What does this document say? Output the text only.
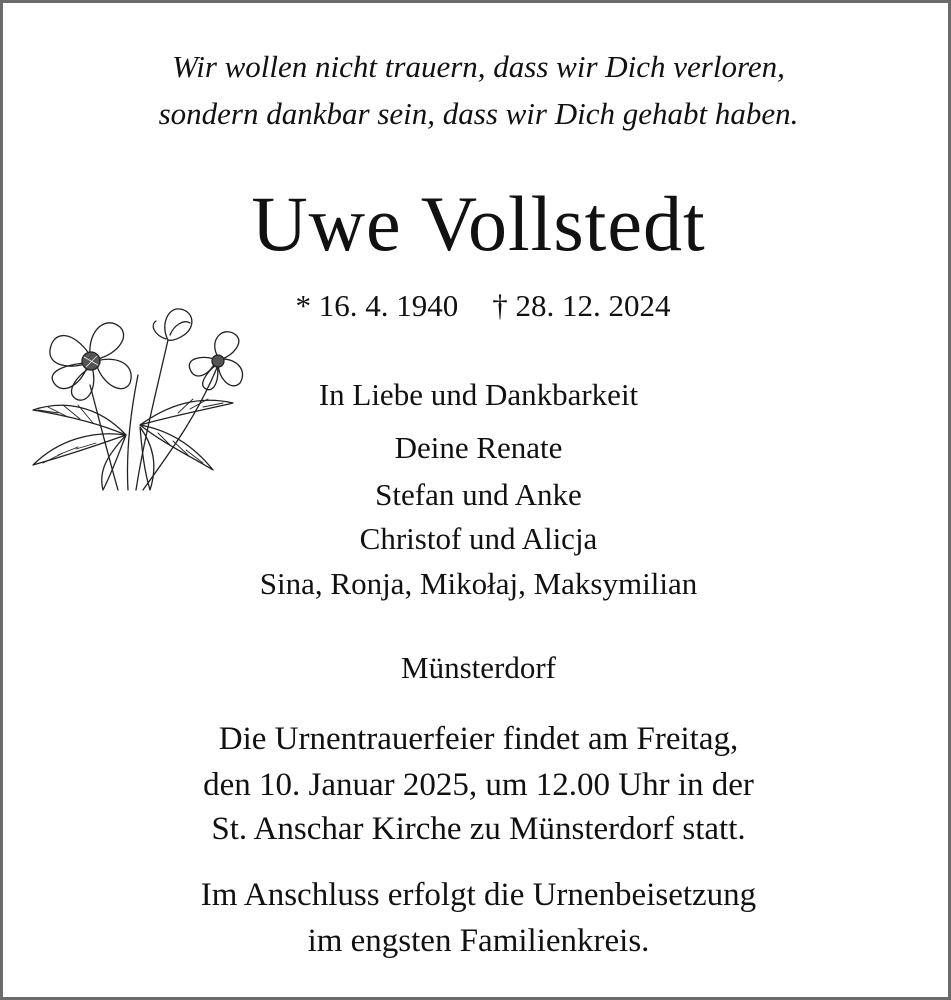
Wir wollen nicht trauern, dass wir Dich verloren,
sondern dankbar sein, dass wir Dich gehabt haben.
Uwe Vollstedt
* 16. 4. 1940 † 28. 12. 2024
In Liebe und Dankbarkeit
Deine Renate
Stefan und Anke
Christof und Alicja
Sina, Ronja, Mikołaj, Maksymilian
Münsterdorf
Die Urnentrauerfeier findet am Freitag,
den 10. Januar 2025, um 12.00 Uhr in der
St. Anschar Kirche zu Münsterdorf statt.
Im Anschluss erfolgt die Urnenbeisetzung
im engsten Familienkreis.
